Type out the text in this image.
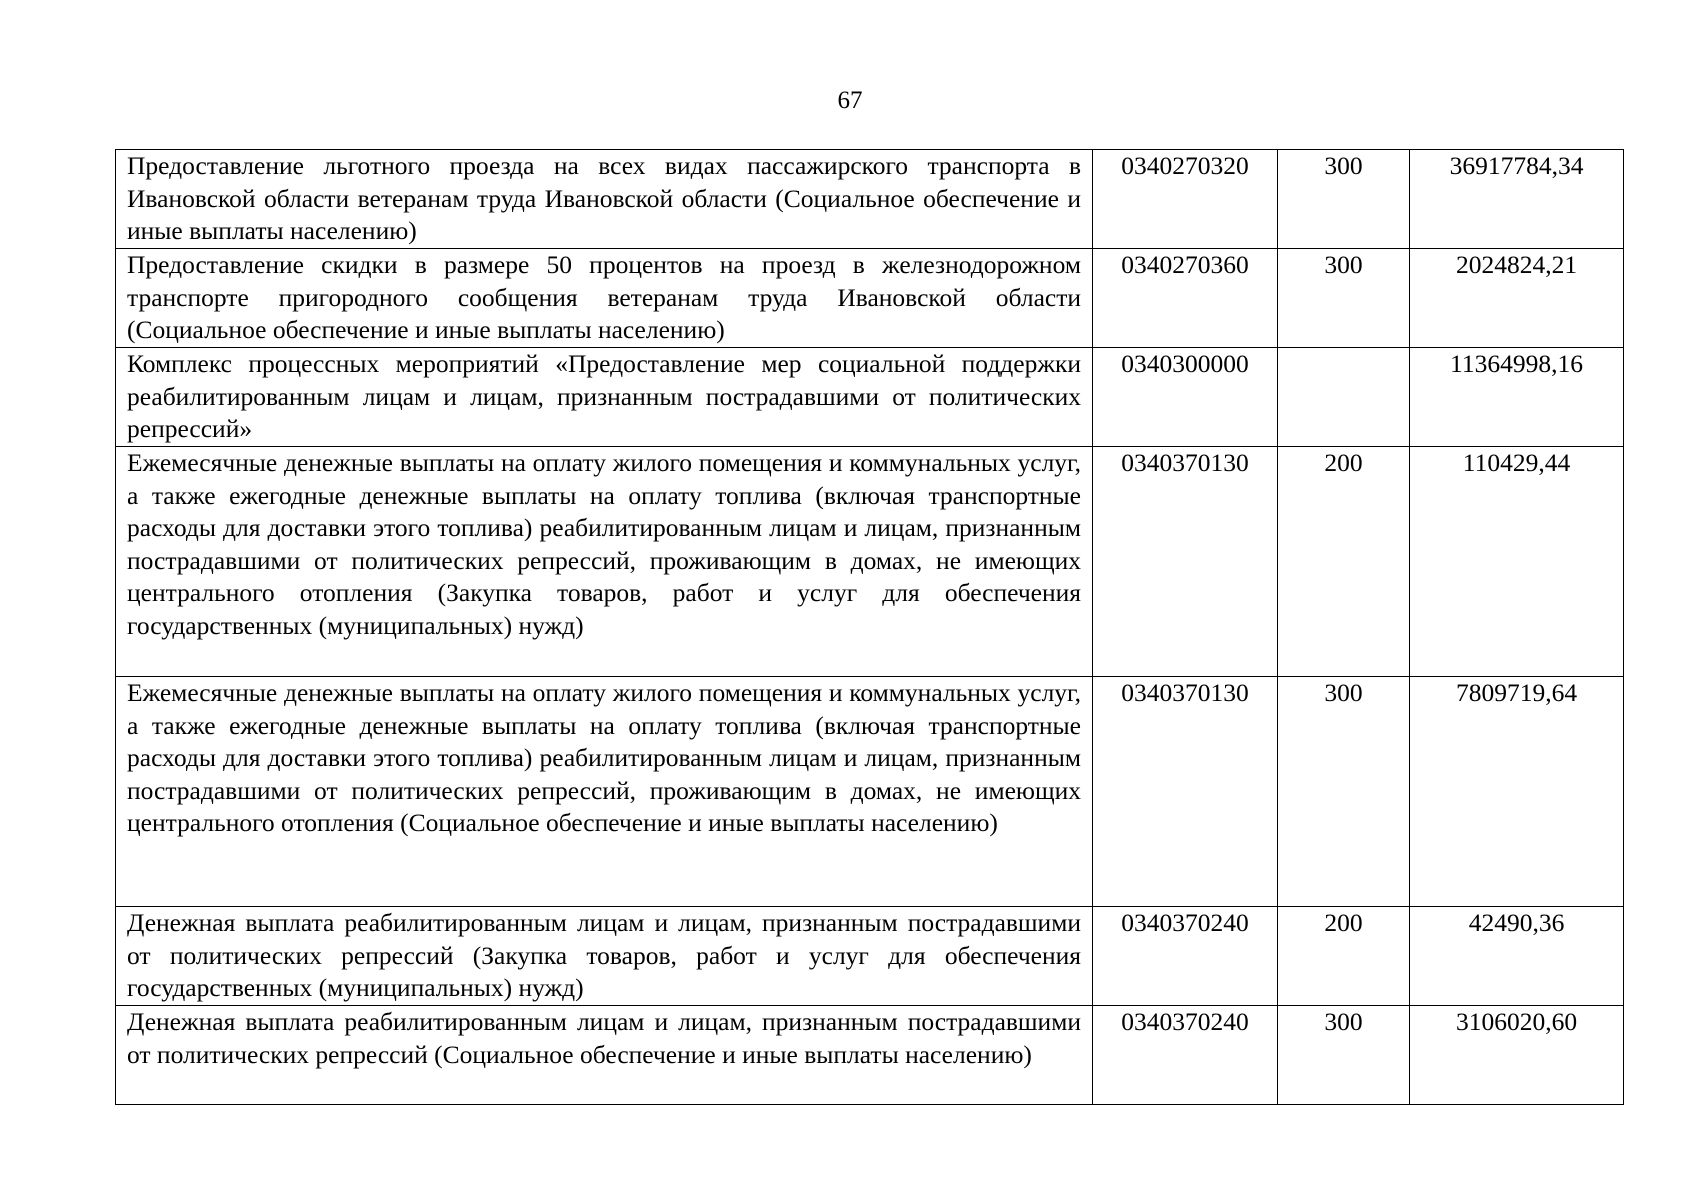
67
Предоставление льготного проезда на всех видах пассажирского транспорта в Ивановской области ветеранам труда Ивановской области (Социальное обеспечение и иные выплаты населению)	0340270320	300	36917784,34
Предоставление скидки в размере 50 процентов на проезд в железнодорожном транспорте пригородного сообщения ветеранам труда Ивановской области (Социальное обеспечение и иные выплаты населению)	0340270360	300	2024824,21
Комплекс процессных мероприятий «Предоставление мер социальной поддержки реабилитированным лицам и лицам, признанным пострадавшими от политических репрессий»	0340300000		11364998,16
Ежемесячные денежные выплаты на оплату жилого помещения и коммунальных услуг, а также ежегодные денежные выплаты на оплату топлива (включая транспортные расходы для доставки этого топлива) реабилитированным лицам и лицам, признанным пострадавшими от политических репрессий, проживающим в домах, не имеющих центрального отопления (Закупка товаров, работ и услуг для обеспечения государственных (муниципальных) нужд)	0340370130	200	110429,44
Ежемесячные денежные выплаты на оплату жилого помещения и коммунальных услуг, а также ежегодные денежные выплаты на оплату топлива (включая транспортные расходы для доставки этого топлива) реабилитированным лицам и лицам, признанным пострадавшими от политических репрессий, проживающим в домах, не имеющих центрального отопления (Социальное обеспечение и иные выплаты населению)	0340370130	300	7809719,64
Денежная выплата реабилитированным лицам и лицам, признанным пострадавшими от политических репрессий (Закупка товаров, работ и услуг для обеспечения государственных (муниципальных) нужд)	0340370240	200	42490,36
Денежная выплата реабилитированным лицам и лицам, признанным пострадавшими от политических репрессий (Социальное обеспечение и иные выплаты населению)	0340370240	300	3106020,60
